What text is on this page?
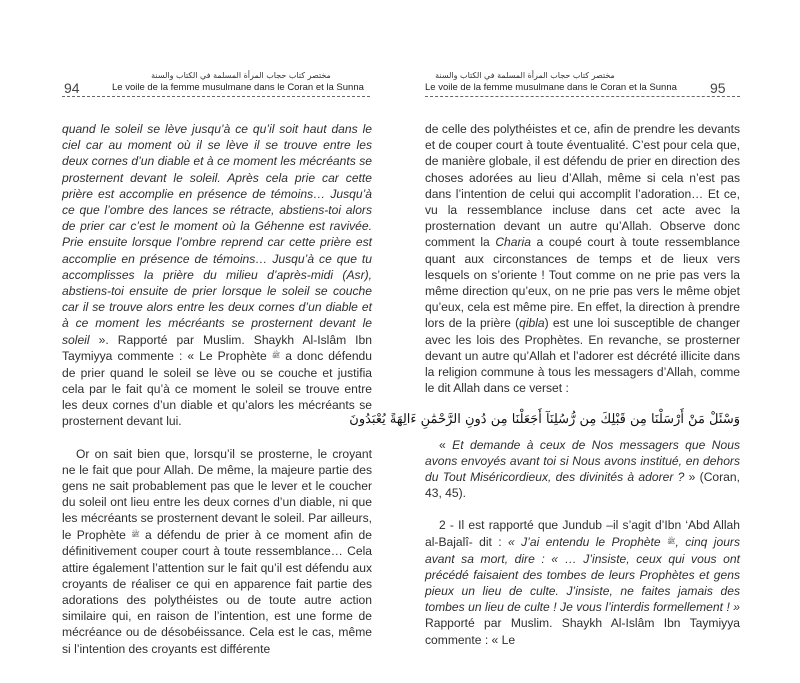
94
مختصر كتاب حجاب المرأة المسلمة في الكتاب والسنة
Le voile de la femme musulmane dans le Coran et la Sunna

quand le soleil se lève jusqu’à ce qu’il soit haut dans le ciel car au moment où il se lève il se trouve entre les deux cornes d’un diable et à ce moment les mécréants se prosternent devant le soleil. Après cela prie car cette prière est accomplie en présence de témoins… Jusqu’à ce que l’ombre des lances se rétracte, abstiens-toi alors de prier car c’est le moment où la Géhenne est ravivée. Prie ensuite lorsque l’ombre reprend car cette prière est accomplie en présence de témoins… Jusqu’à ce que tu accomplisses la prière du milieu d’après-midi (Asr), abstiens-toi ensuite de prier lorsque le soleil se couche car il se trouve alors entre les deux cornes d’un diable et à ce moment les mécréants se prosternent devant le soleil ». Rapporté par Muslim. Shaykh Al-Islâm Ibn Taymiyya commente : « Le Prophète ﷺ a donc défendu de prier quand le soleil se lève ou se couche et justifia cela par le fait qu’à ce moment le soleil se trouve entre les deux cornes d’un diable et qu’alors les mécréants se prosternent devant lui.

Or on sait bien que, lorsqu’il se prosterne, le croyant ne le fait que pour Allah. De même, la majeure partie des gens ne sait probablement pas que le lever et le coucher du soleil ont lieu entre les deux cornes d’un diable, ni que les mécréants se prosternent devant le soleil. Par ailleurs, le Prophète ﷺ a défendu de prier à ce moment afin de définitivement couper court à toute ressemblance… Cela attire également l’attention sur le fait qu’il est défendu aux croyants de réaliser ce qui en apparence fait partie des adorations des polythéistes ou de toute autre action similaire qui, en raison de l’intention, est une forme de mécréance ou de désobéissance. Cela est le cas, même si l’intention des croyants est différente

مختصر كتاب حجاب المرأة المسلمة في الكتاب والسنة
Le voile de la femme musulmane dans le Coran et la Sunna 95

de celle des polythéistes et ce, afin de prendre les devants et de couper court à toute éventualité. C’est pour cela que, de manière globale, il est défendu de prier en direction des choses adorées au lieu d’Allah, même si cela n’est pas dans l’intention de celui qui accomplit l’adoration… Et ce, vu la ressemblance incluse dans cet acte avec la prosternation devant un autre qu’Allah. Observe donc comment la Charia a coupé court à toute ressemblance quant aux circonstances de temps et de lieux vers lesquels on s’oriente ! Tout comme on ne prie pas vers la même direction qu’eux, on ne prie pas vers le même objet qu’eux, cela est même pire. En effet, la direction à prendre lors de la prière (qibla) est une loi susceptible de changer avec les lois des Prophètes. En revanche, se prosterner devant un autre qu’Allah et l’adorer est décrété illicite dans la religion commune à tous les messagers d’Allah, comme le dit Allah dans ce verset :

وَسْئَلْ مَنْ أَرْسَلْنَا مِن قَبْلِكَ مِن رُّسُلِنَآ أَجَعَلْنَا مِن دُونِ الرَّحْمَٰنِ ءَالِهَةً يُعْبَدُونَ

« Et demande à ceux de Nos messagers que Nous avons envoyés avant toi si Nous avons institué, en dehors du Tout Miséricordieux, des divinités à adorer ? » (Coran, 43, 45).

2 - Il est rapporté que Jundub –il s’agit d’Ibn ‘Abd Allah al-Bajalî- dit : « J’ai entendu le Prophète ﷺ, cinq jours avant sa mort, dire : « … J’insiste, ceux qui vous ont précédé faisaient des tombes de leurs Prophètes et gens pieux un lieu de culte. J’insiste, ne faites jamais des tombes un lieu de culte ! Je vous l’interdis formellement ! » Rapporté par Muslim. Shaykh Al-Islâm Ibn Taymiyya commente : « Le
